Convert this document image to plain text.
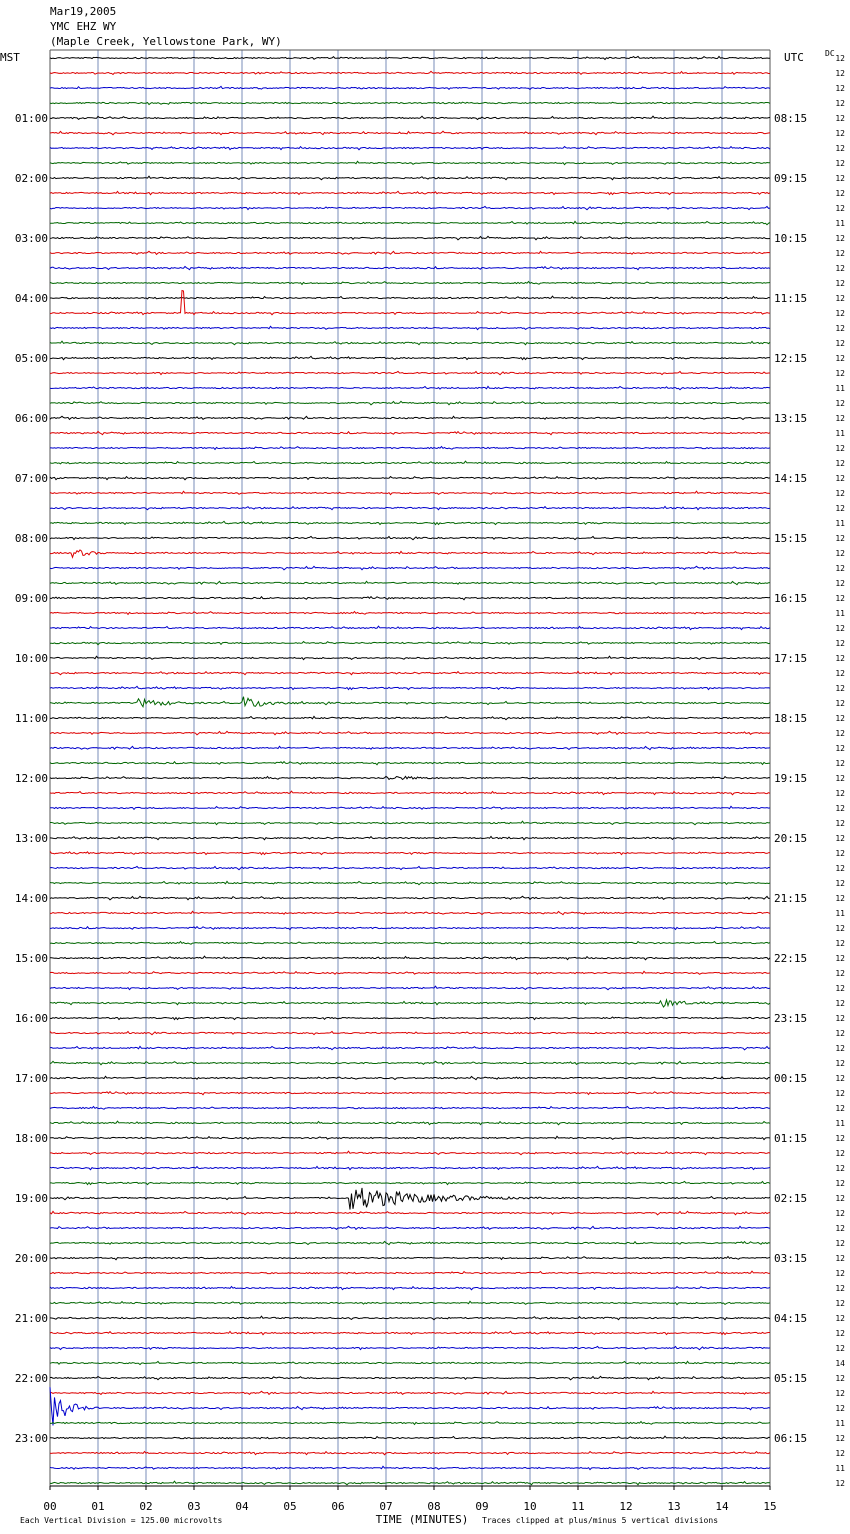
Mar19,2005
YMC EHZ WY
(Maple Creek, Yellowstone Park, WY)
12
12
12
12
12
12
12
12
12
12
12
11
12
12
12
12
12
12
12
12
12
12
11
12
12
11
12
12
12
12
12
11
12
12
12
12
12
11
12
12
12
12
12
12
12
12
12
12
12
12
12
12
12
12
12
12
12
11
12
12
12
12
12
12
12
12
12
12
12
12
12
11
12
12
12
12
12
12
12
12
12
12
12
12
12
12
12
14
12
12
12
11
12
12
11
12
01:00
02:00
03:00
04:00
05:00
06:00
07:00
08:00
09:00
10:00
11:00
12:00
13:00
14:00
15:00
16:00
17:00
18:00
19:00
20:00
21:00
22:00
23:00
08:15
09:15
10:15
11:15
12:15
13:15
14:15
15:15
16:15
17:15
18:15
19:15
20:15
21:15
22:15
23:15
00:15
01:15
02:15
03:15
04:15
05:15
06:15
MST	UTC	DC
00	01	02	03	04	05	06	07	08	09	10	11	12	13	14	15
TIME (MINUTES)
Each Vertical Division = 125.00 microvolts	Traces clipped at plus/minus 5 vertical divisions
